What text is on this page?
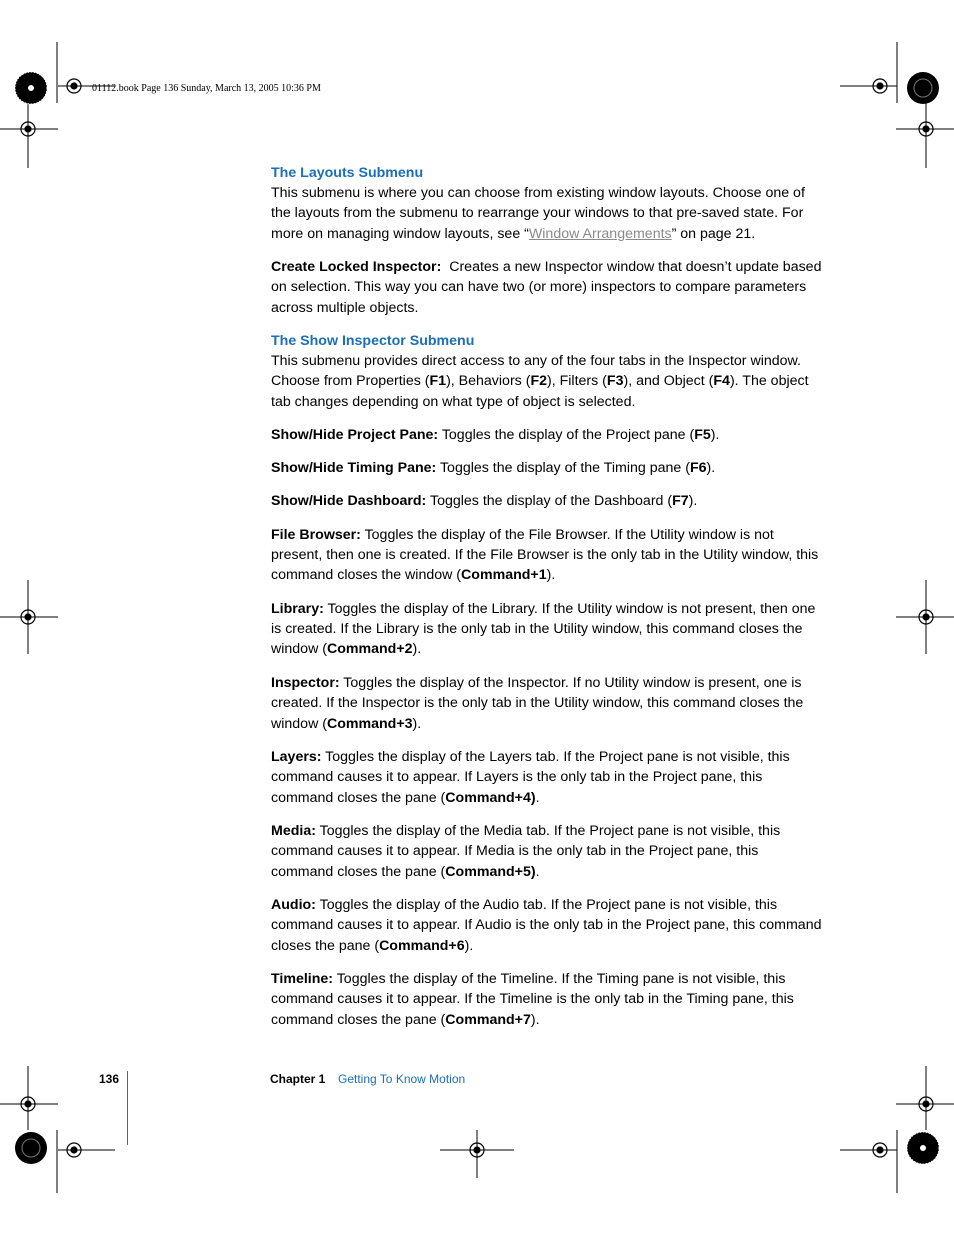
01112.book Page 136 Sunday, March 13, 2005 10:36 PM

The Layouts Submenu

This submenu is where you can choose from existing window layouts. Choose one of the layouts from the submenu to rearrange your windows to that pre-saved state. For more on managing window layouts, see “Window Arrangements” on page 21.

Create Locked Inspector: Creates a new Inspector window that doesn’t update based on selection. This way you can have two (or more) inspectors to compare parameters across multiple objects.

The Show Inspector Submenu

This submenu provides direct access to any of the four tabs in the Inspector window. Choose from Properties (F1), Behaviors (F2), Filters (F3), and Object (F4). The object tab changes depending on what type of object is selected.

Show/Hide Project Pane: Toggles the display of the Project pane (F5).

Show/Hide Timing Pane: Toggles the display of the Timing pane (F6).

Show/Hide Dashboard: Toggles the display of the Dashboard (F7).

File Browser: Toggles the display of the File Browser. If the Utility window is not present, then one is created. If the File Browser is the only tab in the Utility window, this command closes the window (Command+1).

Library: Toggles the display of the Library. If the Utility window is not present, then one is created. If the Library is the only tab in the Utility window, this command closes the window (Command+2).

Inspector: Toggles the display of the Inspector. If no Utility window is present, one is created. If the Inspector is the only tab in the Utility window, this command closes the window (Command+3).

Layers: Toggles the display of the Layers tab. If the Project pane is not visible, this command causes it to appear. If Layers is the only tab in the Project pane, this command closes the pane (Command+4).

Media: Toggles the display of the Media tab. If the Project pane is not visible, this command causes it to appear. If Media is the only tab in the Project pane, this command closes the pane (Command+5).

Audio: Toggles the display of the Audio tab. If the Project pane is not visible, this command causes it to appear. If Audio is the only tab in the Project pane, this command closes the pane (Command+6).

Timeline: Toggles the display of the Timeline. If the Timing pane is not visible, this command causes it to appear. If the Timeline is the only tab in the Timing pane, this command closes the pane (Command+7).

136	Chapter 1 Getting To Know Motion
